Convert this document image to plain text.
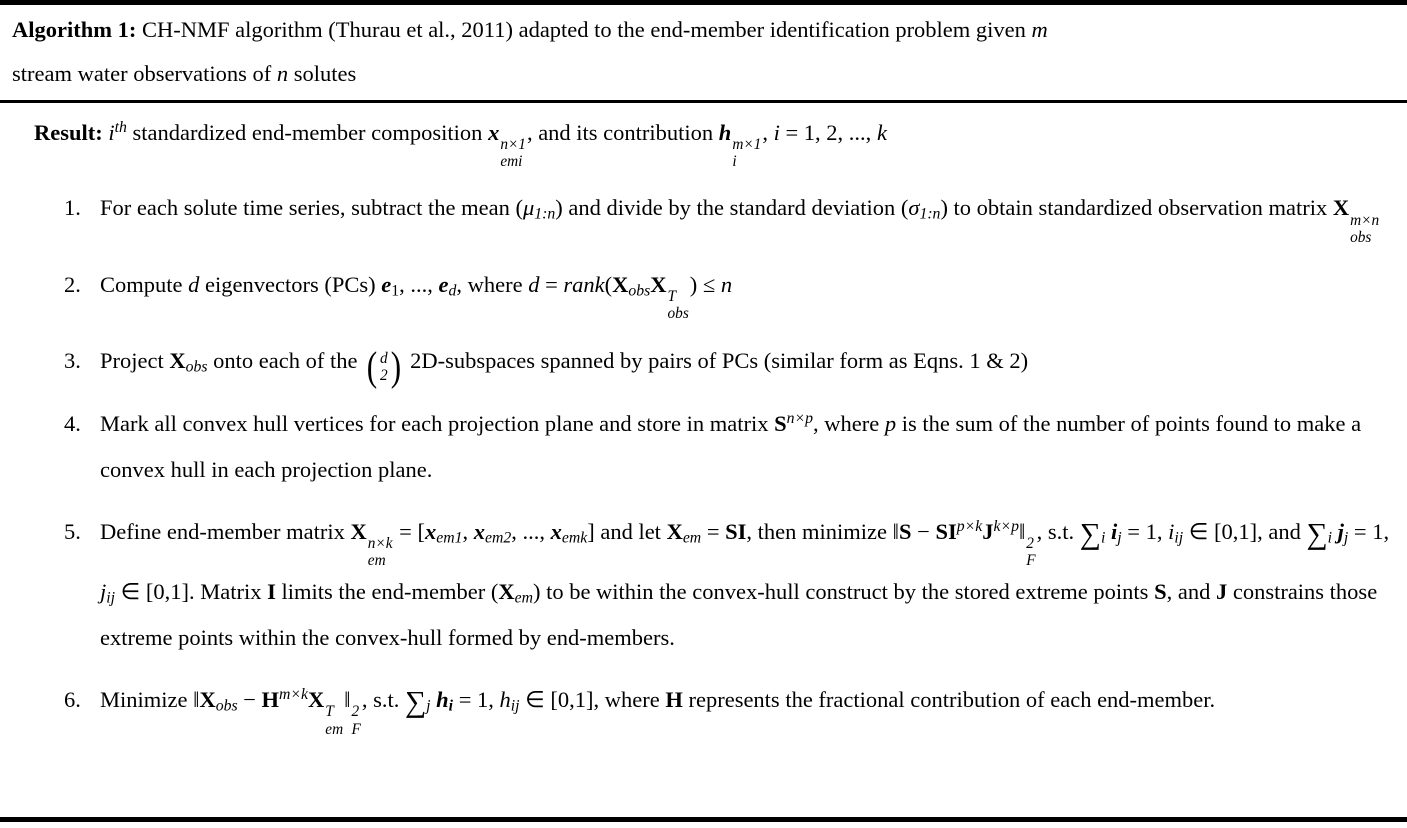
Algorithm 1: CH-NMF algorithm (Thurau et al., 2011) adapted to the end-member identification problem given m
stream water observations of n solutes
Result: $i^{th}$ standardized end-member composition x n×1
emi
, and its contribution h m×1
i
, i = 1, 2, ..., k
1. For each solute time series, subtract the mean $(\mu_{1:n})$ and divide by the standard deviation $(\sigma_{1:n})$ to obtain standardized observation matrix X m×n
obs
2. Compute d eigenvectors (PCs) $e_1$, ..., $e_d$, where $d = rank(X_{obs}X$ T
obs
) ≤ n
3. Project $X_{obs}$ onto each of the ( d
2 ) 2D-subspaces spanned by pairs of PCs (similar form as Eqns. 1 & 2)
4. Mark all convex hull vertices for each projection plane and store in matrix $S^{n\times p}$, where p is the sum of the number of points found to make a convex hull in each projection plane.
5. Define end-member matrix X n×k
em
= [$x_{em1}$, $x_{em2}$, ..., $x_{emk}$] and let $X_{em}$ = SI, then minimize ‖S − $SI^{p\times k}J^{k\times p}‖$ 2
F
, s.t. $\sum_i$ $i_j = 1$, $i_{ij}$ ∈ [0,1], and $\sum_i$ $j_j = 1$, $j_{ij}$ ∈ [0,1]. Matrix I limits the end-member $(X_{em})$ to be within the convex-hull construct by the stored extreme points S, and J constrains those extreme points within the convex-hull formed by end-members.
6. Minimize $‖X_{obs} - H^{m\times k}X$ T
em
‖ 2
F
, s.t. $\sum_j$ $h_i = 1$, $h_{ij}$ ∈ [0,1], where H represents the fractional contribution of each end-member.
